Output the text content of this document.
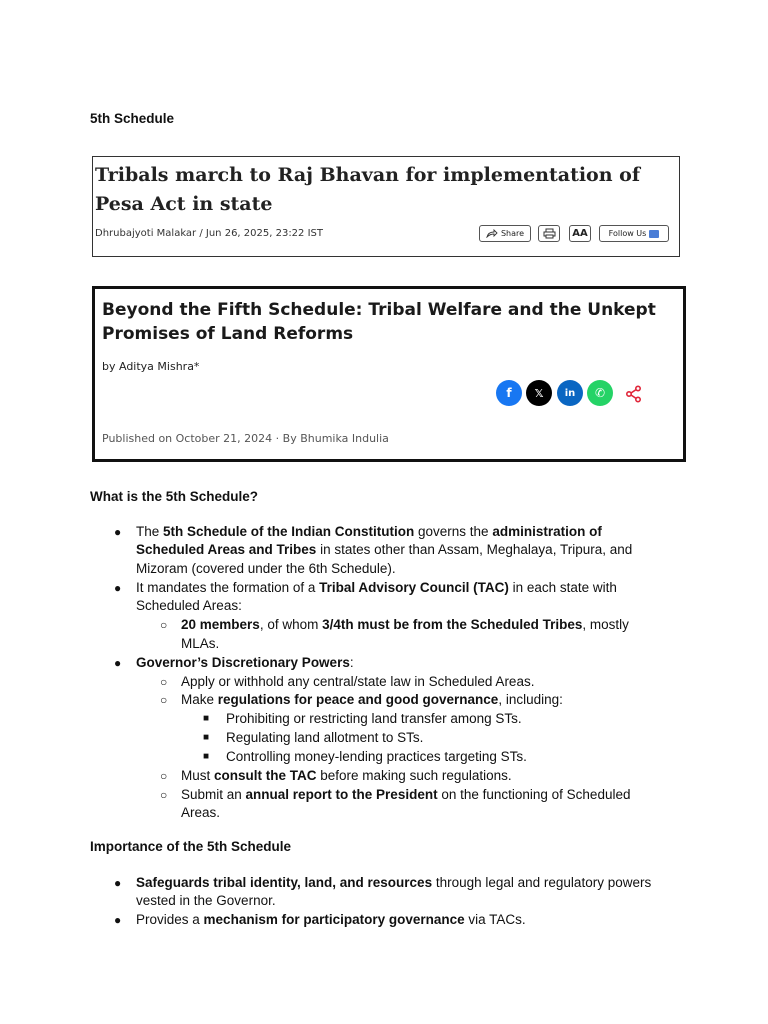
5th Schedule
Tribals march to Raj Bhavan for implementation of Pesa Act in state
Dhrubajyoti Malakar / Jun 26, 2025, 23:22 IST	Share	AA	Follow Us
Beyond the Fifth Schedule: Tribal Welfare and the Unkept Promises of Land Reforms
by Aditya Mishra*
f	𝕏	in	✆
Published on October 21, 2024 · By Bhumika Indulia
What is the 5th Schedule?
● The 5th Schedule of the Indian Constitution governs the administration of
Scheduled Areas and Tribes in states other than Assam, Meghalaya, Tripura, and
Mizoram (covered under the 6th Schedule).
● It mandates the formation of a Tribal Advisory Council (TAC) in each state with
Scheduled Areas:
○ 20 members, of whom 3/4th must be from the Scheduled Tribes, mostly
MLAs.
● Governor’s Discretionary Powers:
○ Apply or withhold any central/state law in Scheduled Areas.
○ Make regulations for peace and good governance, including:
■ Prohibiting or restricting land transfer among STs.
■ Regulating land allotment to STs.
■ Controlling money-lending practices targeting STs.
○ Must consult the TAC before making such regulations.
○ Submit an annual report to the President on the functioning of Scheduled
Areas.
Importance of the 5th Schedule
● Safeguards tribal identity, land, and resources through legal and regulatory powers
vested in the Governor.
● Provides a mechanism for participatory governance via TACs.
